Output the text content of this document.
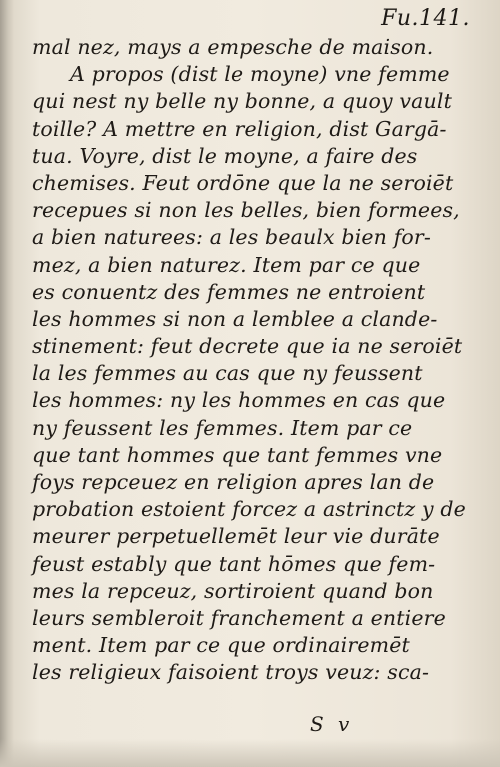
Fu.141.
mal nez, mays a empesche de maison.
A propos (dist le moyne) vne femme
qui nest ny belle ny bonne, a quoy vault
toille? A mettre en religion, dist Gargā-
tua. Voyre, dist le moyne, a faire des
chemises. Feut ordōne que la ne seroiēt
recepues si non les belles, bien formees,
a bien naturees: a les beaulx bien for-
mez, a bien naturez. Item par ce que
es conuentz des femmes ne entroient
les hommes si non a lemblee a clande-
stinement: feut decrete que ia ne seroiēt
la les femmes au cas que ny feussent
les hommes: ny les hommes en cas que
ny feussent les femmes. Item par ce
que tant hommes que tant femmes vne
foys repceuez en religion apres lan de
probation estoient forcez a astrinctz y de
meurer perpetuellemēt leur vie durāte
feust estably que tant hōmes que fem-
mes la repceuz, sortiroient quand bon
leurs sembleroit franchement a entiere
ment. Item par ce que ordinairemēt
les religieux faisoient troys veuz: sca-
S v
